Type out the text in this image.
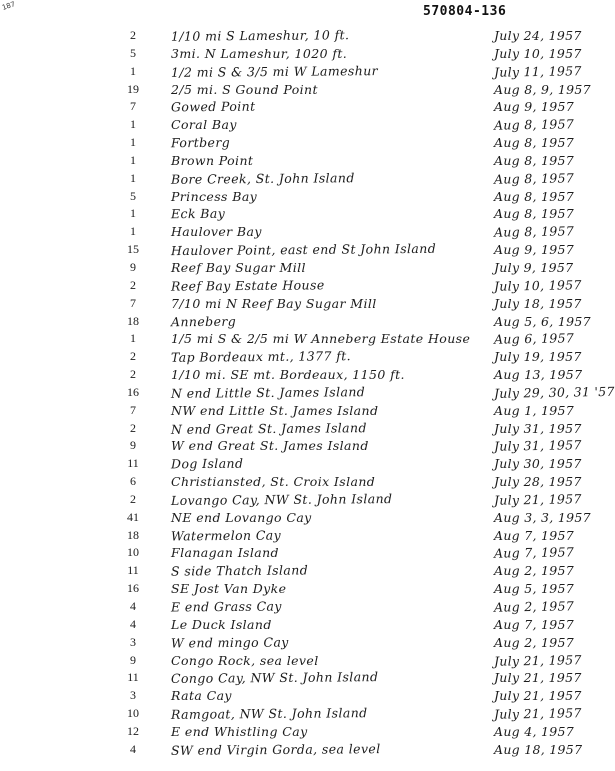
187	570804-136
2	1/10 mi S Lameshur, 10 ft.	July 24, 1957
5	3mi. N Lameshur, 1020 ft.	July 10, 1957
1	1/2 mi S & 3/5 mi W Lameshur	July 11, 1957
19	2/5 mi. S Gound Point	Aug 8, 9, 1957
7	Gowed Point	Aug 9, 1957
1	Coral Bay	Aug 8, 1957
1	Fortberg	Aug 8, 1957
1	Brown Point	Aug 8, 1957
1	Bore Creek, St. John Island	Aug 8, 1957
5	Princess Bay	Aug 8, 1957
1	Eck Bay	Aug 8, 1957
1	Haulover Bay	Aug 8, 1957
15	Haulover Point, east end St John Island	Aug 9, 1957
9	Reef Bay Sugar Mill	July 9, 1957
2	Reef Bay Estate House	July 10, 1957
7	7/10 mi N Reef Bay Sugar Mill	July 18, 1957
18	Anneberg	Aug 5, 6, 1957
1	1/5 mi S & 2/5 mi W Anneberg Estate House Aug 6, 1957
2	Tap Bordeaux mt., 1377 ft.	July 19, 1957
2	1/10 mi. SE mt. Bordeaux, 1150 ft.	Aug 13, 1957
16	N end Little St. James Island	July 29, 30, 31 '57
7	NW end Little St. James Island	Aug 1, 1957
2	N end Great St. James Island	July 31, 1957
9	W end Great St. James Island	July 31, 1957
11	Dog Island	July 30, 1957
6	Christiansted, St. Croix Island	July 28, 1957
2	Lovango Cay, NW St. John Island	July 21, 1957
41	NE end Lovango Cay	Aug 3, 3, 1957
18	Watermelon Cay	Aug 7, 1957
10	Flanagan Island	Aug 7, 1957
11	S side Thatch Island	Aug 2, 1957
16	SE Jost Van Dyke	Aug 5, 1957
4	E end Grass Cay	Aug 2, 1957
4	Le Duck Island	Aug 7, 1957
3	W end mingo Cay	Aug 2, 1957
9	Congo Rock, sea level	July 21, 1957
11	Congo Cay, NW St. John Island	July 21, 1957
3	Rata Cay	July 21, 1957
10	Ramgoat, NW St. John Island	July 21, 1957
12	E end Whistling Cay	Aug 4, 1957
4	SW end Virgin Gorda, sea level	Aug 18, 1957
